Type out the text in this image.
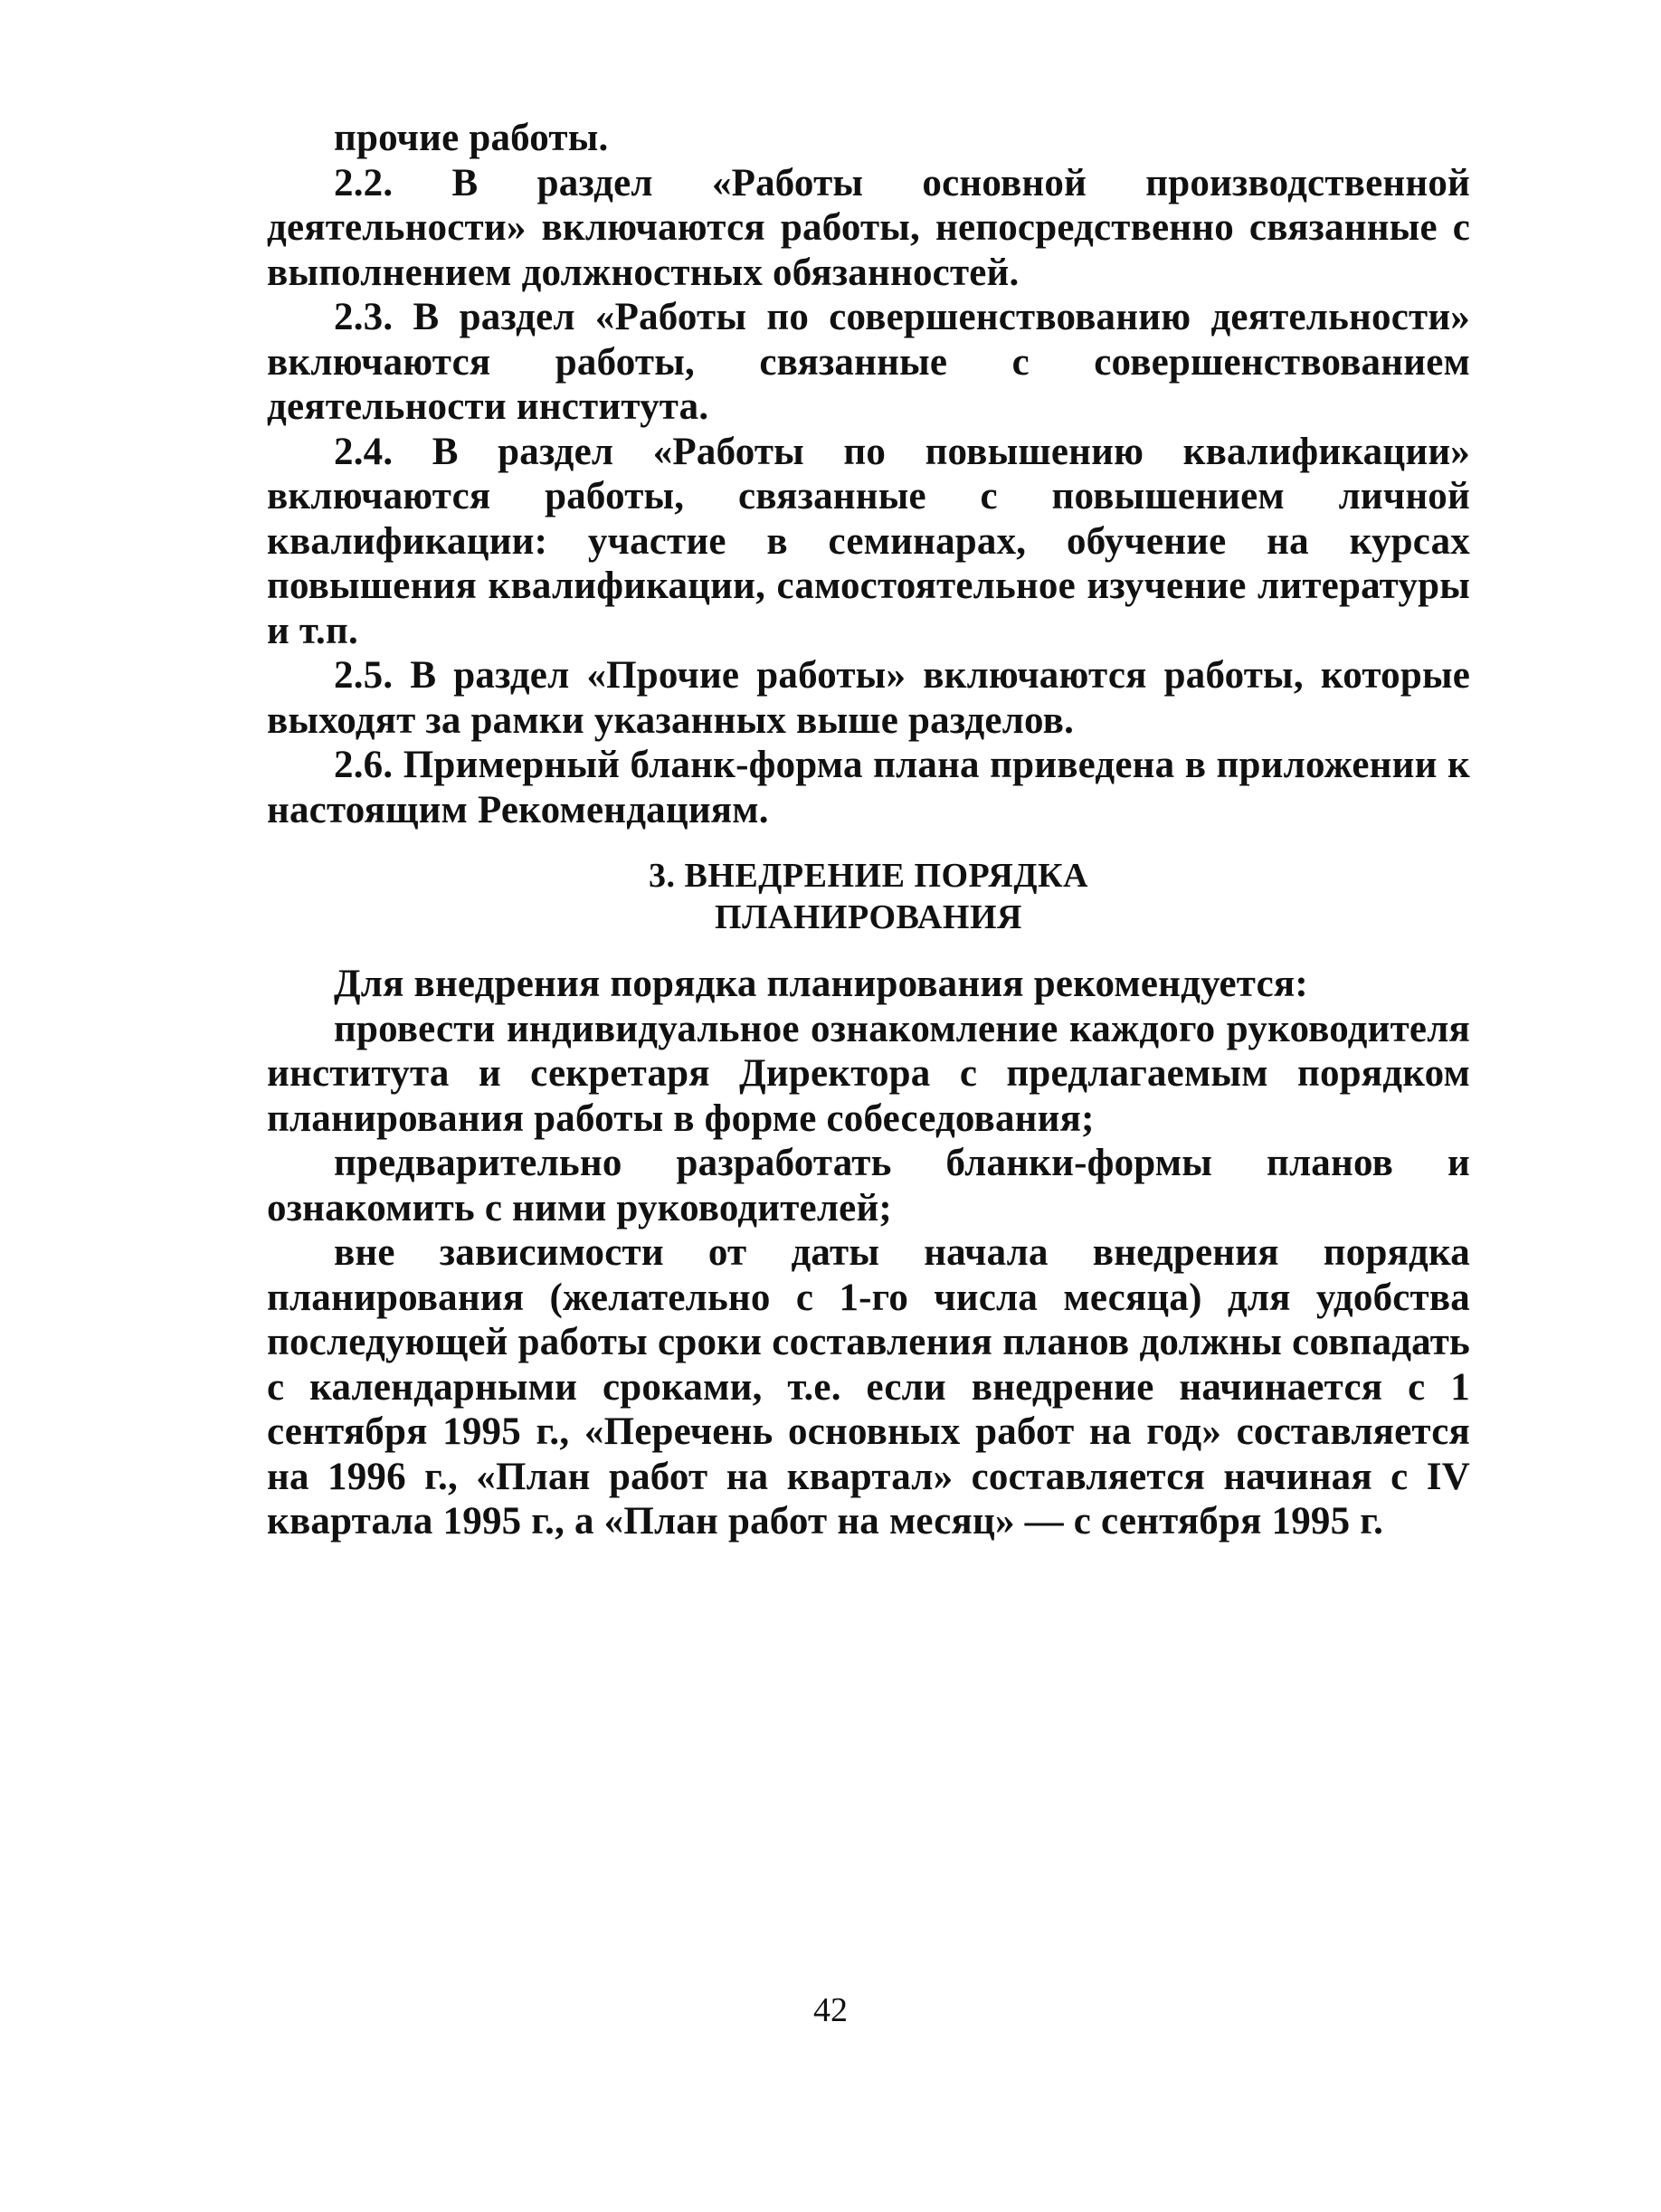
прочие работы.

2.2. В раздел «Работы основной производственной деятельности» включаются работы, непосредственно связанные с выполнением должностных обязанностей.

2.3. В раздел «Работы по совершенствованию деятельности» включаются работы, связанные с совершенствованием деятельности института.

2.4. В раздел «Работы по повышению квалификации» включаются работы, связанные с повышением личной квалификации: участие в семинарах, обучение на курсах повышения квалификации, самостоятельное изучение литературы и т.п.

2.5. В раздел «Прочие работы» включаются работы, которые выходят за рамки указанных выше разделов.

2.6. Примерный бланк-форма плана приведена в приложении к настоящим Рекомендациям.

3. ВНЕДРЕНИЕ ПОРЯДКА
ПЛАНИРОВАНИЯ

Для внедрения порядка планирования рекомендуется:

провести индивидуальное ознакомление каждого руководителя института и секретаря Директора с предлагаемым порядком планирования работы в форме собеседования;

предварительно разработать бланки-формы планов и ознакомить с ними руководителей;

вне зависимости от даты начала внедрения порядка планирования (желательно с 1-го числа месяца) для удобства последующей работы сроки составления планов должны совпадать с календарными сроками, т.е. если внедрение начинается с 1 сентября 1995 г., «Перечень основных работ на год» составляется на 1996 г., «План работ на квартал» составляется начиная с IV квартала 1995 г., а «План работ на месяц» — с сентября 1995 г.

42
